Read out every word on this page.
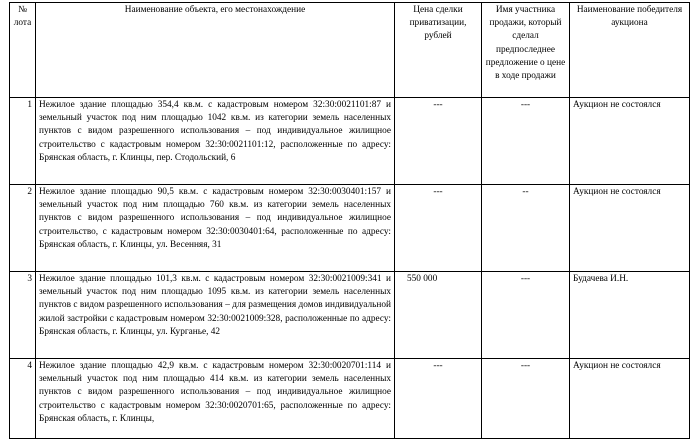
№ лота	Наименование объекта, его местонахождение	Цена сделки приватизации, рублей	Имя участника продажи, который сделал предпоследнее предложение о цене в ходе продажи	Наименование победителя аукциона
1	Нежилое здание площадью 354,4 кв.м. с кадастровым номером 32:30:0021101:87 и земельный участок под ним площадью 1042 кв.м. из категории земель населенных пунктов с видом разрешенного использования – под индивидуальное жилищное строительство с кадастровым номером 32:30:0021101:12, расположенные по адресу: Брянская область, г. Клинцы, пер. Стодольский, 6	---	---	Аукцион не состоялся
2	Нежилое здание площадью 90,5 кв.м. с кадастровым номером 32:30:0030401:157 и земельный участок под ним площадью 760 кв.м. из категории земель населенных пунктов с видом разрешенного использования – под индивидуальное жилищное строительство, с кадастровым номером 32:30:0030401:64, расположенные по адресу: Брянская область, г. Клинцы, ул. Весенняя, 31	---	--	Аукцион не состоялся
3	Нежилое здание площадью 101,3 кв.м. с кадастровым номером 32:30:0021009:341 и земельный участок под ним площадью 1095 кв.м. из категории земель населенных пунктов с видом разрешенного использования – для размещения домов индивидуальной жилой застройки с кадастровым номером 32:30:0021009:328, расположенные по адресу: Брянская область, г. Клинцы, ул. Курганье, 42	550 000	---	Будачева И.Н.
4	Нежилое здание площадью 42,9 кв.м. с кадастровым номером 32:30:0020701:114 и земельный участок под ним площадью 414 кв.м. из категории земель населенных пунктов с видом разрешенного использования – под индивидуальное жилищное строительство с кадастровым номером 32:30:0020701:65, расположенные по адресу: Брянская область, г. Клинцы,	---	---	Аукцион не состоялся
